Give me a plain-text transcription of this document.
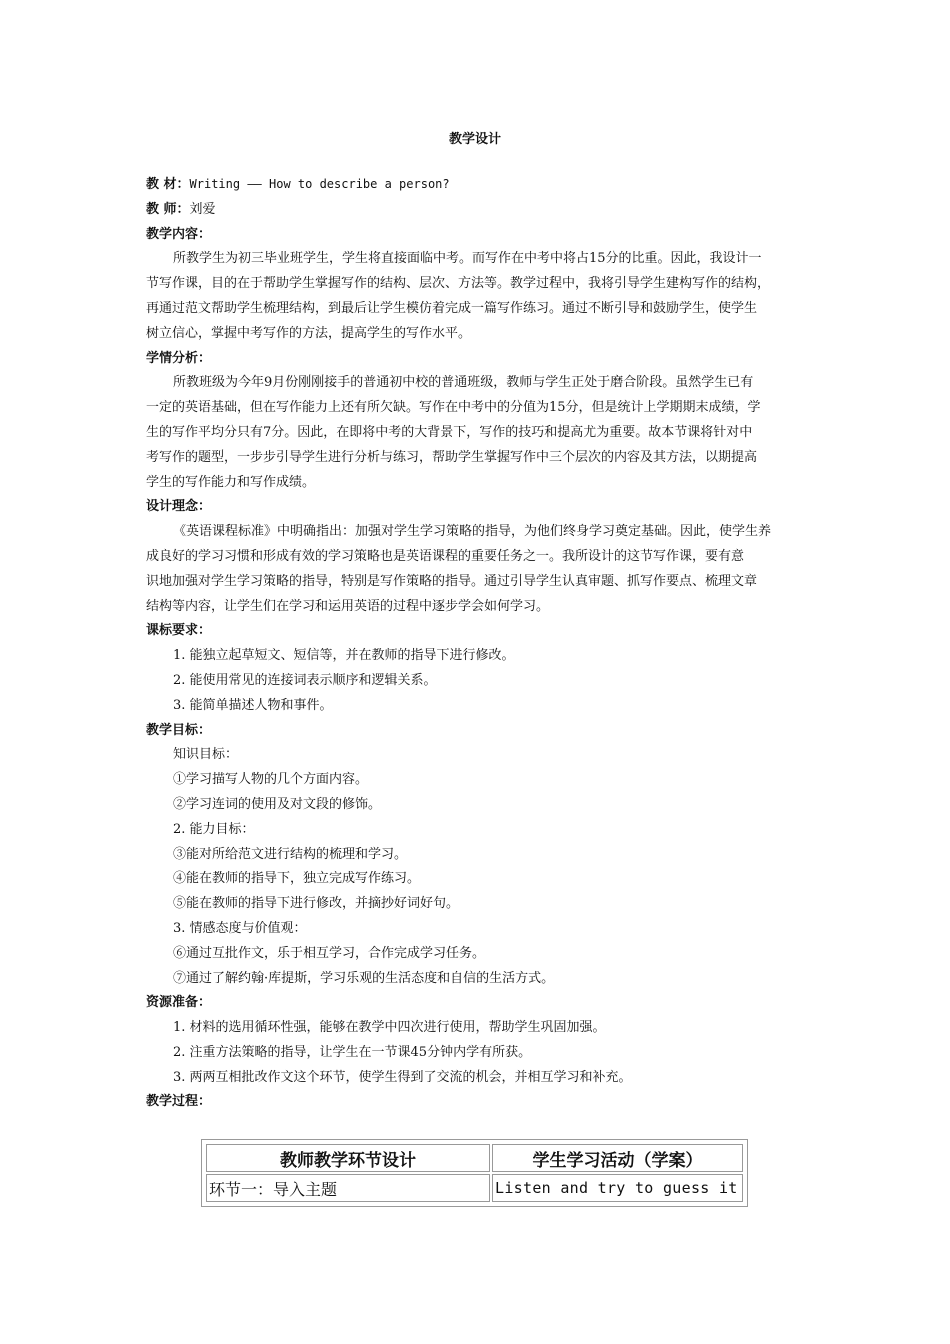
教学设计
教 材：Writing —— How to describe a person?
教 师：刘爱
教学内容：
所教学生为初三毕业班学生，学生将直接面临中考。而写作在中考中将占15分的比重。因此，我设计一
节写作课，目的在于帮助学生掌握写作的结构、层次、方法等。教学过程中，我将引导学生建构写作的结构，
再通过范文帮助学生梳理结构，到最后让学生模仿着完成一篇写作练习。通过不断引导和鼓励学生，使学生
树立信心，掌握中考写作的方法，提高学生的写作水平。
学情分析：
所教班级为今年9月份刚刚接手的普通初中校的普通班级，教师与学生正处于磨合阶段。虽然学生已有
一定的英语基础，但在写作能力上还有所欠缺。写作在中考中的分值为15分，但是统计上学期期末成绩，学
生的写作平均分只有7分。因此，在即将中考的大背景下，写作的技巧和提高尤为重要。故本节课将针对中
考写作的题型，一步步引导学生进行分析与练习，帮助学生掌握写作中三个层次的内容及其方法，以期提高
学生的写作能力和写作成绩。
设计理念：
《英语课程标准》中明确指出：加强对学生学习策略的指导，为他们终身学习奠定基础。因此，使学生养
成良好的学习习惯和形成有效的学习策略也是英语课程的重要任务之一。我所设计的这节写作课，要有意
识地加强对学生学习策略的指导，特别是写作策略的指导。通过引导学生认真审题、抓写作要点、梳理文章
结构等内容，让学生们在学习和运用英语的过程中逐步学会如何学习。
课标要求：
1. 能独立起草短文、短信等，并在教师的指导下进行修改。
2. 能使用常见的连接词表示顺序和逻辑关系。
3. 能简单描述人物和事件。
教学目标：
知识目标：
①学习描写人物的几个方面内容。
②学习连词的使用及对文段的修饰。
2. 能力目标：
③能对所给范文进行结构的梳理和学习。
④能在教师的指导下，独立完成写作练习。
⑤能在教师的指导下进行修改，并摘抄好词好句。
3. 情感态度与价值观：
⑥通过互批作文，乐于相互学习，合作完成学习任务。
⑦通过了解约翰·库提斯，学习乐观的生活态度和自信的生活方式。
资源准备：
1. 材料的选用循环性强，能够在教学中四次进行使用，帮助学生巩固加强。
2. 注重方法策略的指导，让学生在一节课45分钟内学有所获。
3. 两两互相批改作文这个环节，使学生得到了交流的机会，并相互学习和补充。
教学过程：
教师教学环节设计	学生学习活动（学案）
环节一：导入主题	Listen and try to guess it
